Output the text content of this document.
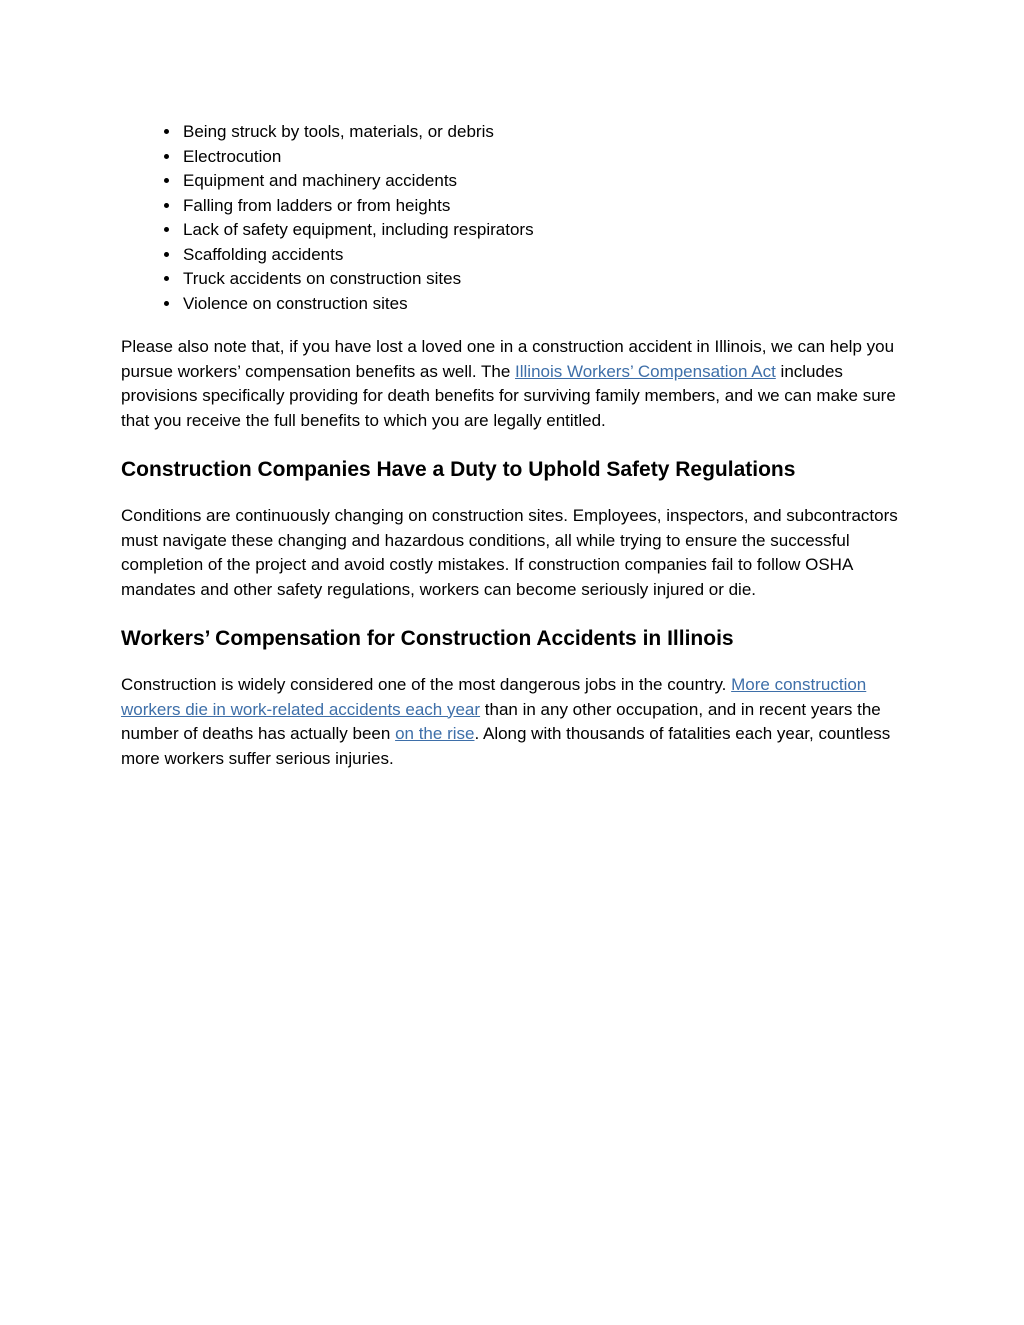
• Being struck by tools, materials, or debris
• Electrocution
• Equipment and machinery accidents
• Falling from ladders or from heights
• Lack of safety equipment, including respirators
• Scaffolding accidents
• Truck accidents on construction sites
• Violence on construction sites

Please also note that, if you have lost a loved one in a construction accident in Illinois, we can help you pursue workers’ compensation benefits as well. The Illinois Workers’ Compensation Act includes provisions specifically providing for death benefits for surviving family members, and we can make sure that you receive the full benefits to which you are legally entitled.

Construction Companies Have a Duty to Uphold Safety Regulations

Conditions are continuously changing on construction sites. Employees, inspectors, and subcontractors must navigate these changing and hazardous conditions, all while trying to ensure the successful completion of the project and avoid costly mistakes. If construction companies fail to follow OSHA mandates and other safety regulations, workers can become seriously injured or die.

Workers’ Compensation for Construction Accidents in Illinois

Construction is widely considered one of the most dangerous jobs in the country. More construction workers die in work-related accidents each year than in any other occupation, and in recent years the number of deaths has actually been on the rise. Along with thousands of fatalities each year, countless more workers suffer serious injuries.
